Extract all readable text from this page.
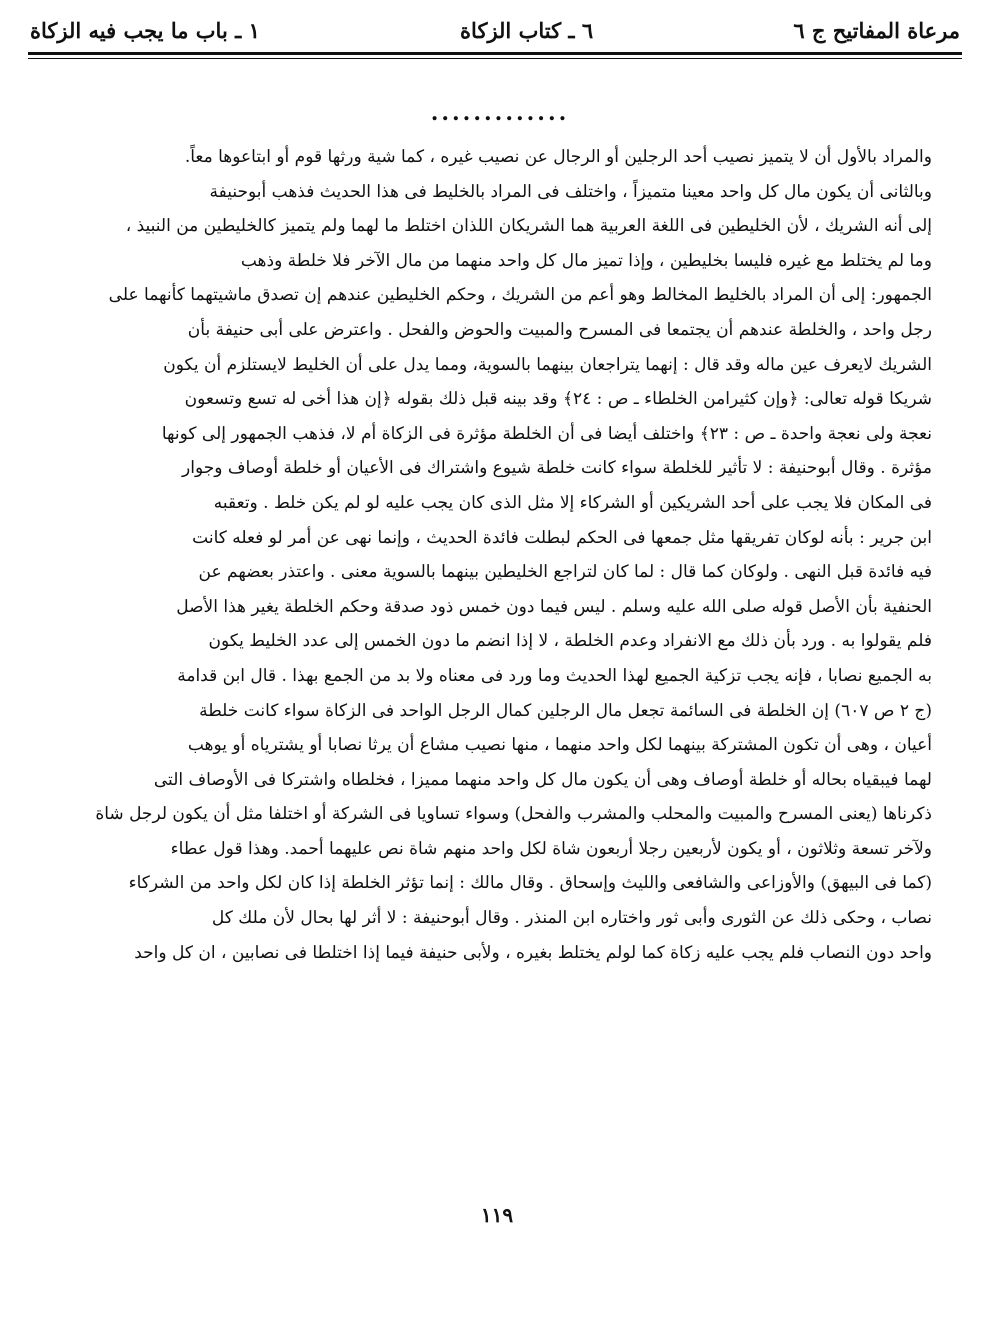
مرعاة المفاتيح ج ٦
٦ ـ كتاب الزكاة
١ ـ باب ما يجب فيه الزكاة
.............
والمراد بالأول أن لا يتميز نصيب أحد الرجلين أو الرجال عن نصيب غيره ، كما شية ورثها قوم أو ابتاعوها معاً.
وبالثانى أن يكون مال كل واحد معينا متميزاً ، واختلف فى المراد بالخليط فى هذا الحديث فذهب أبوحنيفة
إلى أنه الشريك ، لأن الخليطين فى اللغة العربية هما الشريكان اللذان اختلط ما لهما ولم يتميز كالخليطين من النبيذ ،
وما لم يختلط مع غيره فليسا بخليطين ، وإذا تميز مال كل واحد منهما من مال الآخر فلا خلطة وذهب
الجمهور: إلى أن المراد بالخليط المخالط وهو أعم من الشريك ، وحكم الخليطين عندهم إن تصدق ماشيتهما كأنهما على
رجل واحد ، والخلطة عندهم أن يجتمعا فى المسرح والمبيت والحوض والفحل . واعترض على أبى حنيفة بأن
الشريك لايعرف عين ماله وقد قال : إنهما يتراجعان بينهما بالسوية، ومما يدل على أن الخليط لايستلزم أن يكون
شريكا قوله تعالى: ﴿وإن كثيرامن الخلطاء ـ ص : ٢٤﴾ وقد بينه قبل ذلك بقوله ﴿إن هذا أخى له تسع وتسعون
نعجة ولى نعجة واحدة ـ ص : ٢٣﴾ واختلف أيضا فى أن الخلطة مؤثرة فى الزكاة أم لا، فذهب الجمهور إلى كونها
مؤثرة . وقال أبوحنيفة : لا تأثير للخلطة سواء كانت خلطة شيوع واشتراك فى الأعيان أو خلطة أوصاف وجوار
فى المكان فلا يجب على أحد الشريكين أو الشركاء إلا مثل الذى كان يجب عليه لو لم يكن خلط . وتعقبه
ابن جرير : بأنه لوكان تفريقها مثل جمعها فى الحكم لبطلت فائدة الحديث ، وإنما نهى عن أمر لو فعله كانت
فيه فائدة قبل النهى . ولوكان كما قال : لما كان لتراجع الخليطين بينهما بالسوية معنى . واعتذر بعضهم عن
الحنفية بأن الأصل قوله صلى الله عليه وسلم . ليس فيما دون خمس ذود صدقة وحكم الخلطة يغير هذا الأصل
فلم يقولوا به . ورد بأن ذلك مع الانفراد وعدم الخلطة ، لا إذا انضم ما دون الخمس إلى عدد الخليط يكون
به الجميع نصابا ، فإنه يجب تزكية الجميع لهذا الحديث وما ورد فى معناه ولا بد من الجمع بهذا . قال ابن قدامة
(ج ٢ ص ٦٠٧) إن الخلطة فى السائمة تجعل مال الرجلين كمال الرجل الواحد فى الزكاة سواء كانت خلطة
أعيان ، وهى أن تكون المشتركة بينهما لكل واحد منهما ، منها نصيب مشاع أن يرثا نصابا أو يشترياه أو يوهب
لهما فيبقياه بحاله أو خلطة أوصاف وهى أن يكون مال كل واحد منهما مميزا ، فخلطاه واشتركا فى الأوصاف التى
ذكرناها (يعنى المسرح والمبيت والمحلب والمشرب والفحل) وسواء تساويا فى الشركة أو اختلفا مثل أن يكون لرجل شاة
ولآخر تسعة وثلاثون ، أو يكون لأربعين رجلا أربعون شاة لكل واحد منهم شاة نص عليهما أحمد. وهذا قول عطاء
(كما فى البيهق) والأوزاعى والشافعى والليث وإسحاق . وقال مالك : إنما تؤثر الخلطة إذا كان لكل واحد من الشركاء
نصاب ، وحكى ذلك عن الثورى وأبى ثور واختاره ابن المنذر . وقال أبوحنيفة : لا أثر لها بحال لأن ملك كل
واحد دون النصاب فلم يجب عليه زكاة كما لولم يختلط بغيره ، ولأبى حنيفة فيما إذا اختلطا فى نصابين ، ان كل واحد
١١٩
